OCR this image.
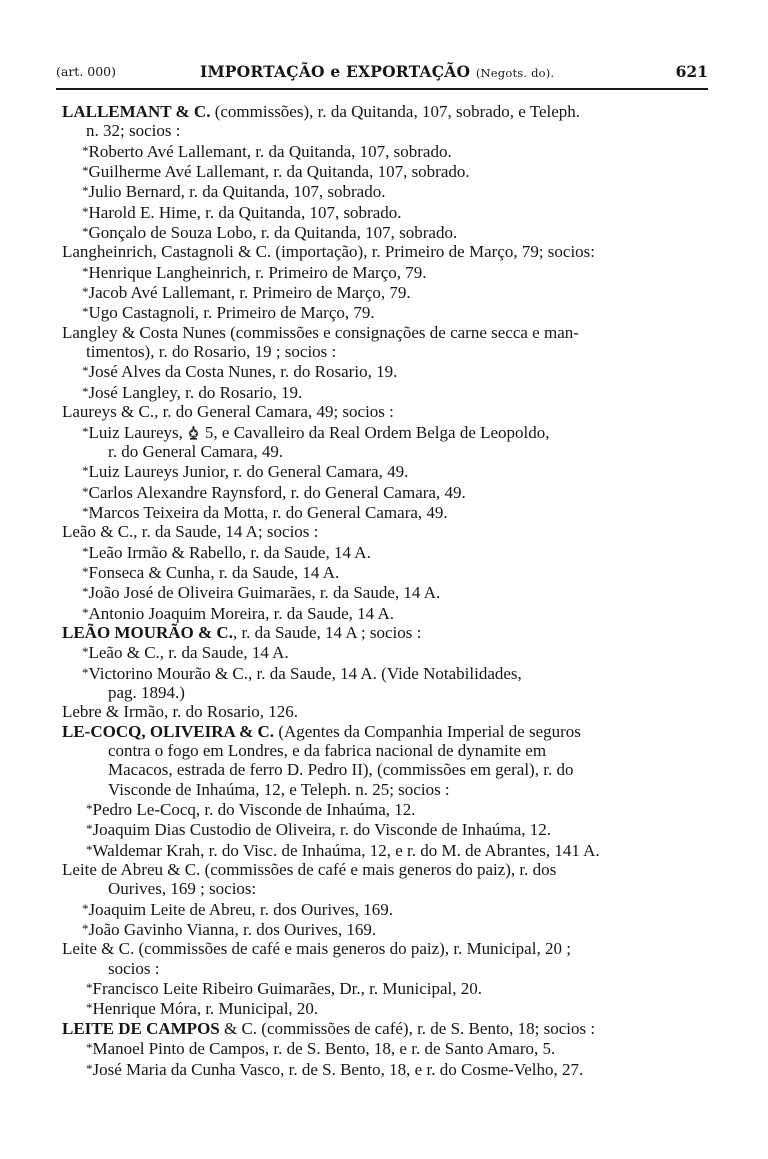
(art. 000)	IMPORTAÇÃO e EXPORTAÇÃO (Negots. do).	621
LALLEMANT & C. (commissões), r. da Quitanda, 107, sobrado, e Teleph.
n. 32; socios :
*Roberto Avé Lallemant, r. da Quitanda, 107, sobrado.
*Guilherme Avé Lallemant, r. da Quitanda, 107, sobrado.
*Julio Bernard, r. da Quitanda, 107, sobrado.
*Harold E. Hime, r. da Quitanda, 107, sobrado.
*Gonçalo de Souza Lobo, r. da Quitanda, 107, sobrado.
Langheinrich, Castagnoli & C. (importação), r. Primeiro de Março, 79; socios:
*Henrique Langheinrich, r. Primeiro de Março, 79.
*Jacob Avé Lallemant, r. Primeiro de Março, 79.
*Ugo Castagnoli, r. Primeiro de Março, 79.
Langley & Costa Nunes (commissões e consignações de carne secca e man-
timentos), r. do Rosario, 19 ; socios :
*José Alves da Costa Nunes, r. do Rosario, 19.
*José Langley, r. do Rosario, 19.
Laureys & C., r. do General Camara, 49; socios :
*Luiz Laureys, 5, e Cavalleiro da Real Ordem Belga de Leopoldo,
r. do General Camara, 49.
*Luiz Laureys Junior, r. do General Camara, 49.
*Carlos Alexandre Raynsford, r. do General Camara, 49.
*Marcos Teixeira da Motta, r. do General Camara, 49.
Leão & C., r. da Saude, 14 A; socios :
*Leão Irmão & Rabello, r. da Saude, 14 A.
*Fonseca & Cunha, r. da Saude, 14 A.
*João José de Oliveira Guimarães, r. da Saude, 14 A.
*Antonio Joaquim Moreira, r. da Saude, 14 A.
LEÃO MOURÃO & C., r. da Saude, 14 A ; socios :
*Leão & C., r. da Saude, 14 A.
*Victorino Mourão & C., r. da Saude, 14 A. (Vide Notabilidades,
pag. 1894.)
Lebre & Irmão, r. do Rosario, 126.
LE-COCQ, OLIVEIRA & C. (Agentes da Companhia Imperial de seguros
contra o fogo em Londres, e da fabrica nacional de dynamite em
Macacos, estrada de ferro D. Pedro II), (commissões em geral), r. do
Visconde de Inhaúma, 12, e Teleph. n. 25; socios :
*Pedro Le-Cocq, r. do Visconde de Inhaúma, 12.
*Joaquim Dias Custodio de Oliveira, r. do Visconde de Inhaúma, 12.
*Waldemar Krah, r. do Visc. de Inhaúma, 12, e r. do M. de Abrantes, 141 A.
Leite de Abreu & C. (commissões de café e mais generos do paiz), r. dos
Ourives, 169 ; socios:
*Joaquim Leite de Abreu, r. dos Ourives, 169.
*João Gavinho Vianna, r. dos Ourives, 169.
Leite & C. (commissões de café e mais generos do paiz), r. Municipal, 20 ;
socios :
*Francisco Leite Ribeiro Guimarães, Dr., r. Municipal, 20.
*Henrique Móra, r. Municipal, 20.
LEITE DE CAMPOS & C. (commissões de café), r. de S. Bento, 18; socios :
*Manoel Pinto de Campos, r. de S. Bento, 18, e r. de Santo Amaro, 5.
*José Maria da Cunha Vasco, r. de S. Bento, 18, e r. do Cosme-Velho, 27.
